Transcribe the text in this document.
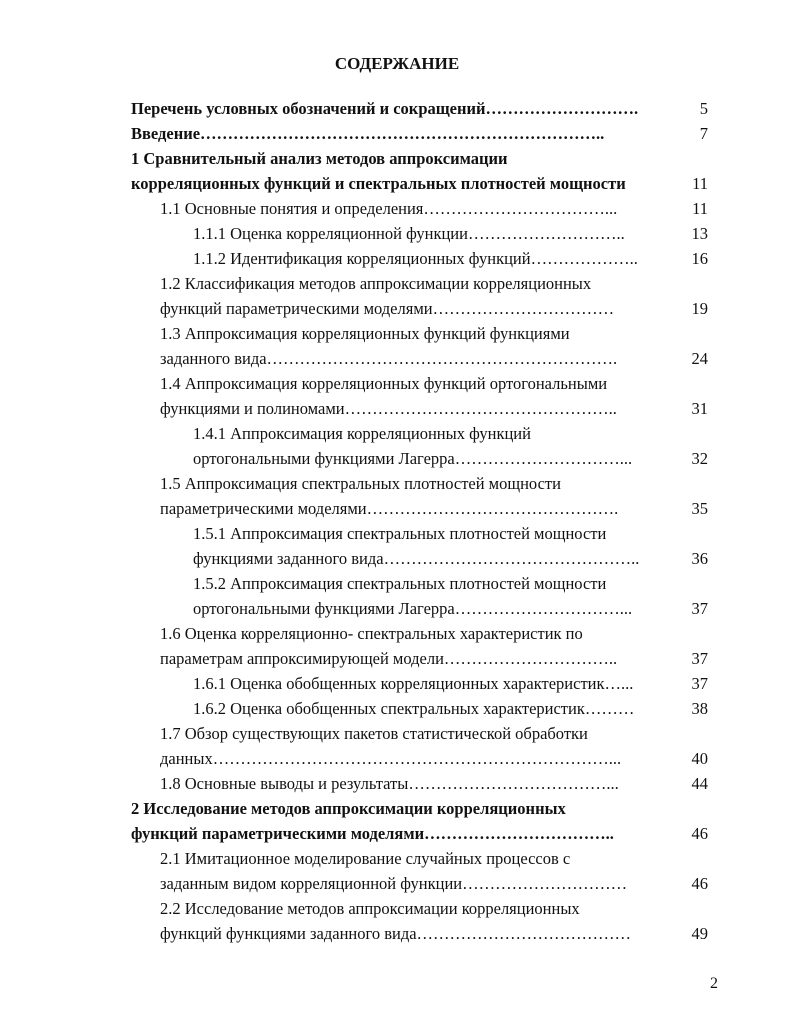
СОДЕРЖАНИЕ
Перечень условных обозначений и сокращений……………………….	5
Введение………………………………………………………………..	7
1 Сравнительный анализ методов аппроксимации
корреляционных функций и спектральных плотностей мощности	11
1.1 Основные понятия и определения……………………………...	11
1.1.1 Оценка корреляционной функции………………………..	13
1.1.2 Идентификация корреляционных функций………………..	16
1.2 Классификация методов аппроксимации корреляционных
функций параметрическими моделями……………………………	19
1.3 Аппроксимация корреляционных функций функциями
заданного вида……………………………………………………….	24
1.4 Аппроксимация корреляционных функций ортогональными
функциями и полиномами…………………………………………..	31
1.4.1 Аппроксимация корреляционных функций
ортогональными функциями Лагерра…………………………...	32
1.5 Аппроксимация спектральных плотностей мощности
параметрическими моделями……………………………………….	35
1.5.1 Аппроксимация спектральных плотностей мощности
функциями заданного вида………………………………………..	36
1.5.2 Аппроксимация спектральных плотностей мощности
ортогональными функциями Лагерра…………………………...	37
1.6 Оценка корреляционно- спектральных характеристик по
параметрам аппроксимирующей модели…………………………..	37
1.6.1 Оценка обобщенных корреляционных характеристик…...	37
1.6.2 Оценка обобщенных спектральных характеристик………	38
1.7 Обзор существующих пакетов статистической обработки
данных………………………………………………………………...	40
1.8 Основные выводы и результаты………………………………...	44
2 Исследование методов аппроксимации корреляционных
функций параметрическими моделями……………………………..	46
2.1 Имитационное моделирование случайных процессов с
заданным видом корреляционной функции…………………………	46
2.2 Исследование методов аппроксимации корреляционных
функций функциями заданного вида…………………………………	49
2
